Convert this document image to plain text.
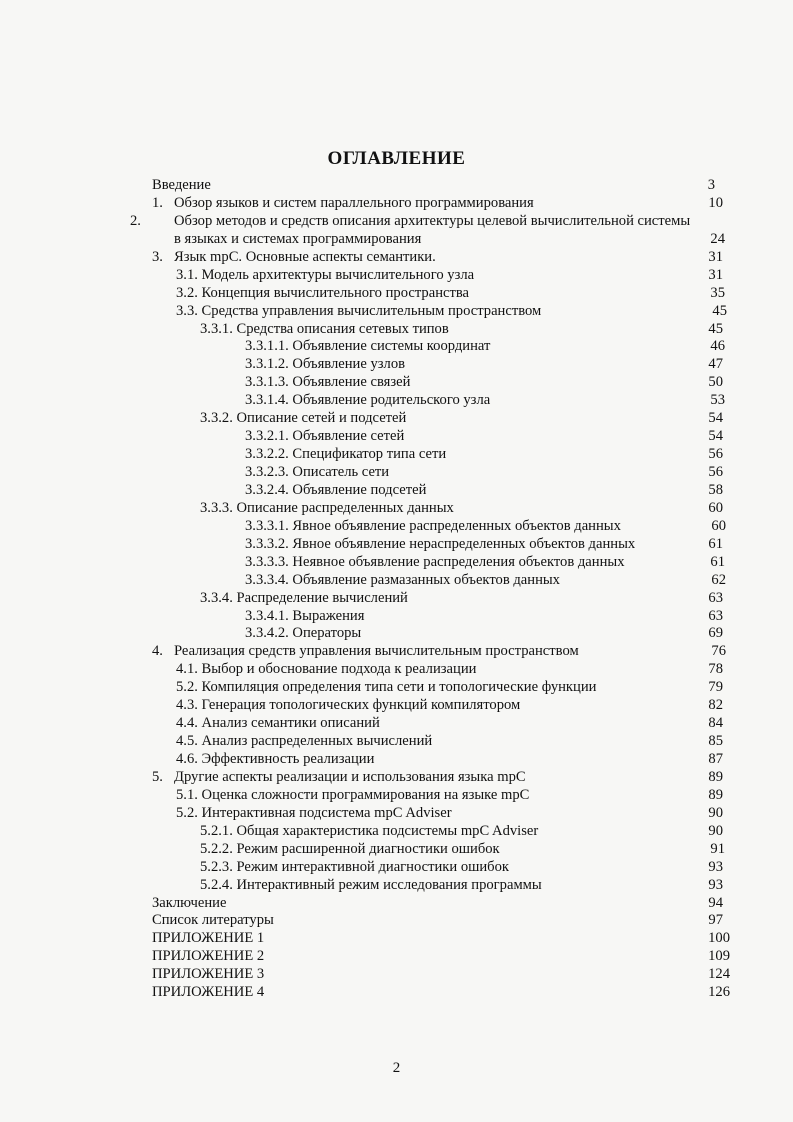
ОГЛАВЛЕНИЕ
Введение	3
1. Обзор языков и систем параллельного программирования	10
2. Обзор методов и средств описания архитектуры целевой вычислительной системы в языках и системах программирования	24
3. Язык mpC. Основные аспекты семантики.	31
3.1. Модель архитектуры вычислительного узла	31
3.2. Концепция вычислительного пространства	35
3.3. Средства управления вычислительным пространством	45
3.3.1. Средства описания сетевых типов	45
3.3.1.1. Объявление системы координат	46
3.3.1.2. Объявление узлов	47
3.3.1.3. Объявление связей	50
3.3.1.4. Объявление родительского узла	53
3.3.2. Описание сетей и подсетей	54
3.3.2.1. Объявление сетей	54
3.3.2.2. Спецификатор типа сети	56
3.3.2.3. Описатель сети	56
3.3.2.4. Объявление подсетей	58
3.3.3. Описание распределенных данных	60
3.3.3.1. Явное объявление распределенных объектов данных	60
3.3.3.2. Явное объявление нераспределенных объектов данных	61
3.3.3.3. Неявное объявление распределения объектов данных	61
3.3.3.4. Объявление размазанных объектов данных	62
3.3.4. Распределение вычислений	63
3.3.4.1. Выражения	63
3.3.4.2. Операторы	69
4. Реализация средств управления вычислительным пространством	76
4.1. Выбор и обоснование подхода к реализации	78
5.2. Компиляция определения типа сети и топологические функции	79
4.3. Генерация топологических функций компилятором	82
4.4. Анализ семантики описаний	84
4.5. Анализ распределенных вычислений	85
4.6. Эффективность реализации	87
5. Другие аспекты реализации и использования языка mpC	89
5.1. Оценка сложности программирования на языке mpC	89
5.2. Интерактивная подсистема mpC Adviser	90
5.2.1. Общая характеристика подсистемы mpC Adviser	90
5.2.2. Режим расширенной диагностики ошибок	91
5.2.3. Режим интерактивной диагностики ошибок	93
5.2.4. Интерактивный режим исследования программы	93
Заключение	94
Список литературы	97
ПРИЛОЖЕНИЕ 1	100
ПРИЛОЖЕНИЕ 2	109
ПРИЛОЖЕНИЕ 3	124
ПРИЛОЖЕНИЕ 4	126
2
